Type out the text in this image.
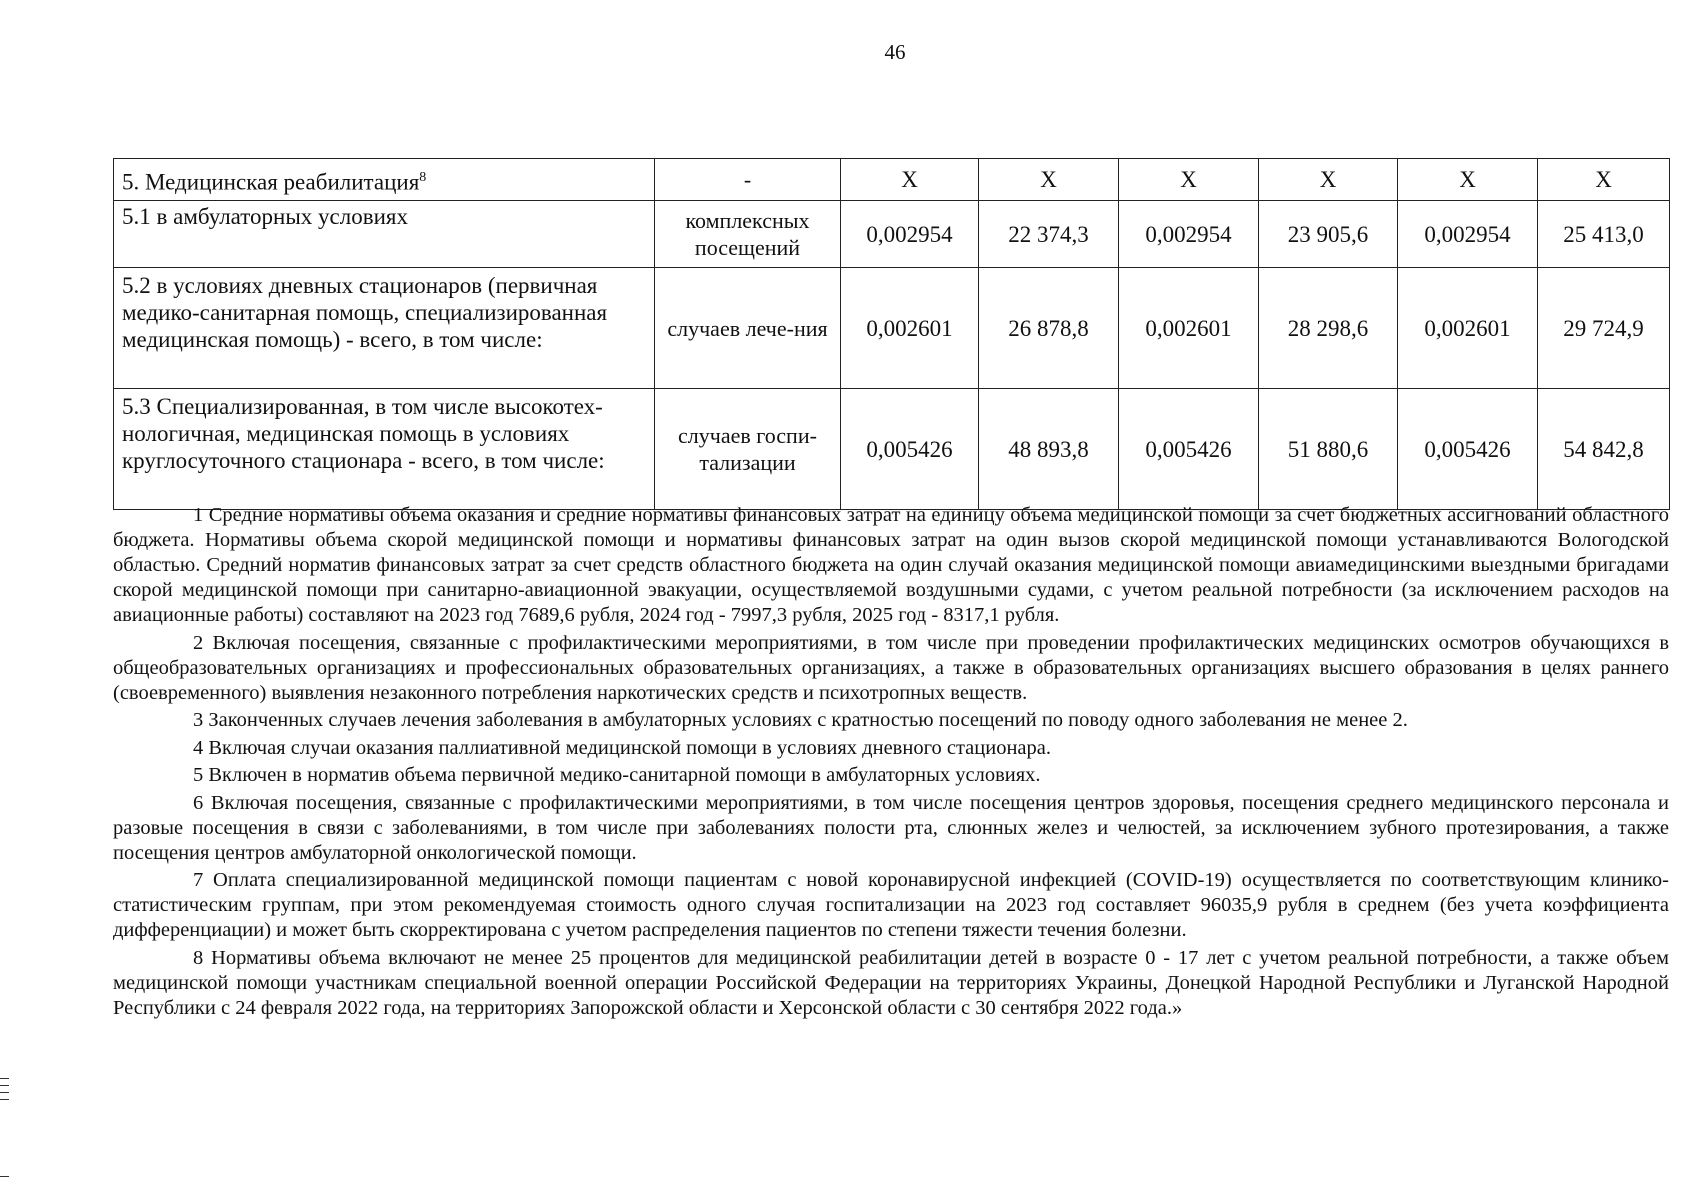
46
5. Медицинская реабилитация$^8$	-	Х	Х	Х	Х	Х	Х
5.1 в амбулаторных условиях	комплексных посещений	0,002954	22 374,3	0,002954	23 905,6	0,002954	25 413,0
5.2 в условиях дневных стационаров (первичная медико-санитарная помощь, специализированная медицинская помощь) - всего, в том числе:	случаев лече-ния	0,002601	26 878,8	0,002601	28 298,6	0,002601	29 724,9
5.3 Специализированная, в том числе высокотех-нологичная, медицинская помощь в условиях круглосуточного стационара - всего, в том числе:	случаев госпи-тализации	0,005426	48 893,8	0,005426	51 880,6	0,005426	54 842,8

1 Средние нормативы объема оказания и средние нормативы финансовых затрат на единицу объема медицинской помощи за счет бюджетных ассигнований областного бюджета. Нормативы объема скорой медицинской помощи и нормативы финансовых затрат на один вызов скорой медицинской помощи устанавливаются Вологодской областью. Средний норматив финансовых затрат за счет средств областного бюджета на один случай оказания медицинской помощи авиамедицинскими выездными бригадами скорой медицинской помощи при санитарно-авиационной эвакуации, осуществляемой воздушными судами, с учетом реальной потребности (за исключением расходов на авиационные работы) составляют на 2023 год 7689,6 рубля, 2024 год - 7997,3 рубля, 2025 год - 8317,1 рубля.

2 Включая посещения, связанные с профилактическими мероприятиями, в том числе при проведении профилактических медицинских осмотров обучающихся в общеобразовательных организациях и профессиональных образовательных организациях, а также в образовательных организациях высшего образования в целях раннего (своевременного) выявления незаконного потребления наркотических средств и психотропных веществ.

3 Законченных случаев лечения заболевания в амбулаторных условиях с кратностью посещений по поводу одного заболевания не менее 2.

4 Включая случаи оказания паллиативной медицинской помощи в условиях дневного стационара.

5 Включен в норматив объема первичной медико-санитарной помощи в амбулаторных условиях.

6 Включая посещения, связанные с профилактическими мероприятиями, в том числе посещения центров здоровья, посещения среднего медицинского персонала и разовые посещения в связи с заболеваниями, в том числе при заболеваниях полости рта, слюнных желез и челюстей, за исключением зубного протезирования, а также посещения центров амбулаторной онкологической помощи.

7 Оплата специализированной медицинской помощи пациентам с новой коронавирусной инфекцией (COVID-19) осуществляется по соответствующим клинико-статистическим группам, при этом рекомендуемая стоимость одного случая госпитализации на 2023 год составляет 96035,9 рубля в среднем (без учета коэффициента дифференциации) и может быть скорректирована с учетом распределения пациентов по степени тяжести течения болезни.

8 Нормативы объема включают не менее 25 процентов для медицинской реабилитации детей в возрасте 0 - 17 лет с учетом реальной потребности, а также объем медицинской помощи участникам специальной военной операции Российской Федерации на территориях Украины, Донецкой Народной Республики и Луганской Народной Республики с 24 февраля 2022 года, на территориях Запорожской области и Херсонской области с 30 сентября 2022 года.»
